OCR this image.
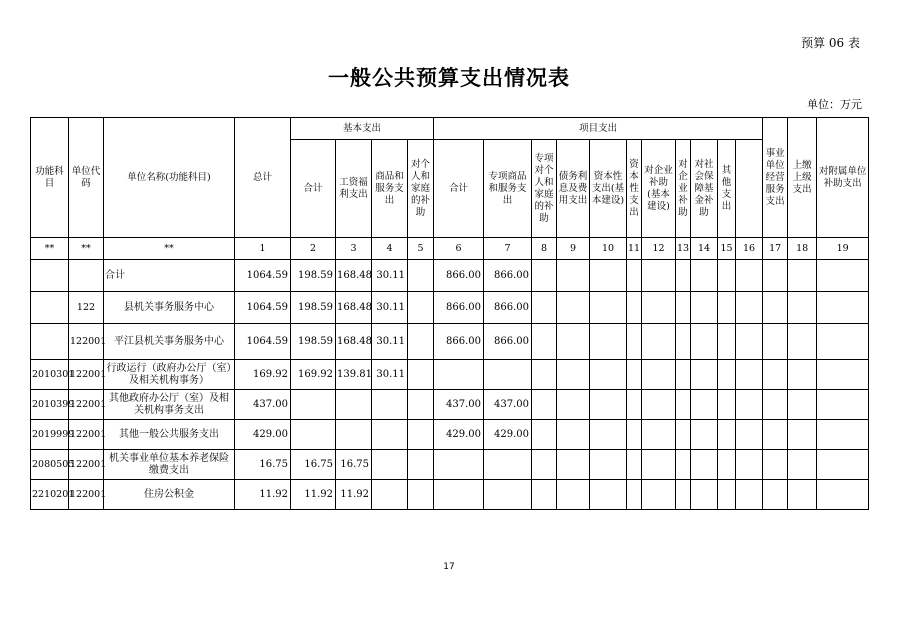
预算 06 表
一般公共预算支出情况表
单位：万元
功能科目	单位代码	单位名称(功能科目)	总计	基本支出				项目支出											事业单位经营服务支出	上缴上级支出	对附属单位补助支出	
				合计	工资福利支出	商品和服务支出	对个人和家庭的补助	合计	专项商品和服务支出	专项对个人和家庭的补助	债务利息及费用支出	资本性支出(基本建设)	资本性支出	对企业补助(基本建设)	对企业补助	对社会保障基金补助	其他支出					
**	**	**	1	2	3	4	5	6	7	8	9	10	11	12	13	14	15	16	17	18	19	
		合计	1064.59	198.59	168.48	30.11		866.00	866.00													
	122	县机关事务服务中心	1064.59	198.59	168.48	30.11		866.00	866.00													
	122001	平江县机关事务服务中心	1064.59	198.59	168.48	30.11		866.00	866.00													
2010301	122001	行政运行（政府办公厅（室）及相关机构事务）	169.92	169.92	139.81	30.11																
2010399	122001	其他政府办公厅（室）及相关机构事务支出	437.00					437.00	437.00													
2019999	122001	其他一般公共服务支出	429.00					429.00	429.00													
2080505	122001	机关事业单位基本养老保险缴费支出	16.75	16.75	16.75																	
2210201	122001	住房公积金	11.92	11.92	11.92																	
17
